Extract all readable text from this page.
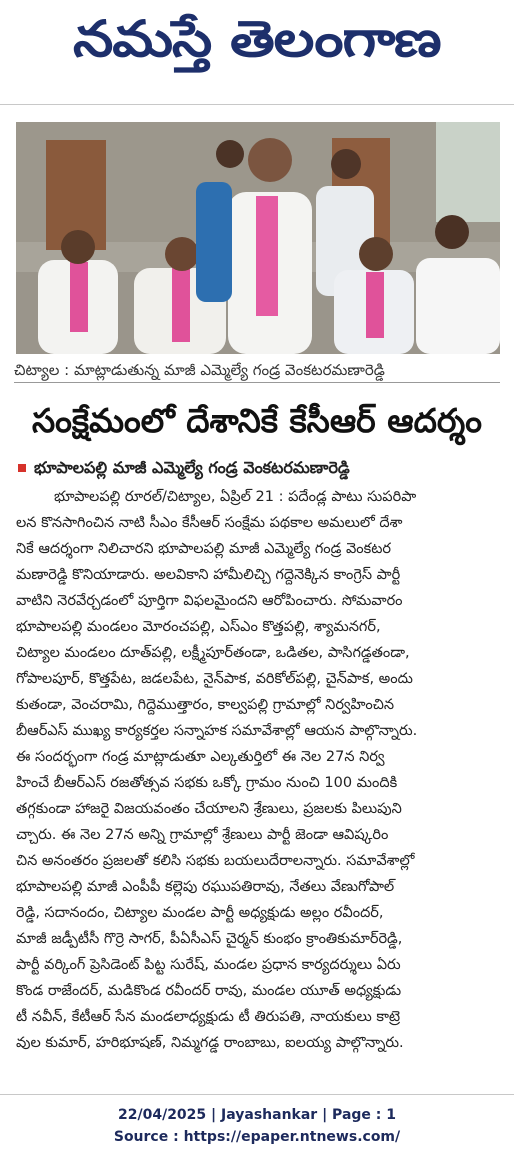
నమస్తే తెలంగాణ
చిట్యాల : మాట్లాడుతున్న మాజీ ఎమ్మెల్యే గండ్ర వెంకటరమణారెడ్డి
సంక్షేమంలో దేశానికే కేసీఆర్ ఆదర్శం
భూపాలపల్లి మాజీ ఎమ్మెల్యే గండ్ర వెంకటరమణారెడ్డి
భూపాలపల్లి రూరల్/చిట్యాల, ఏప్రిల్ 21 : పదేండ్ల పాటు సుపరిపా
లన కొనసాగించిన నాటి సీఎం కేసీఆర్ సంక్షేమ పథకాల అమలులో దేశా
నికే ఆదర్శంగా నిలిచారని భూపాలపల్లి మాజీ ఎమ్మెల్యే గండ్ర వెంకటర
మణారెడ్డి కొనియాడారు. అలవికాని హామీలిచ్చి గద్దెనెక్కిన కాంగ్రెస్ పార్టీ
వాటిని నెరవేర్చడంలో పూర్తిగా విఫలమైందని ఆరోపించారు. సోమవారం
భూపాలపల్లి మండలం మోరంచపల్లి, ఎస్ఎం కొత్తపల్లి, శ్యామనగర్,
చిట్యాల మండలం దూత్‌పల్లి, లక్ష్మీపూర్‌తండా, ఒడితల, పాసిగడ్డతండా,
గోపాలపూర్, కొత్తపేట, జడలపేట, నైన్‌పాక, వరికోల్‌పల్లి, చైన్‌పాక, అందు
కుతండా, వెంచరామి, గిద్దెముత్తారం, కాల్వపల్లి గ్రామాల్లో నిర్వహించిన
బీఆర్ఎస్ ముఖ్య కార్యకర్తల సన్నాహక సమావేశాల్లో ఆయన పాల్గొన్నారు.
ఈ సందర్భంగా గండ్ర మాట్లాడుతూ ఎల్కతుర్తిలో ఈ నెల 27న నిర్వ
హించే బీఆర్ఎస్ రజతోత్సవ సభకు ఒక్కో గ్రామం నుంచి 100 మందికి
తగ్గకుండా హాజరై విజయవంతం చేయాలని శ్రేణులు, ప్రజలకు పిలుపుని
చ్చారు. ఈ నెల 27న అన్ని గ్రామాల్లో శ్రేణులు పార్టీ జెండా ఆవిష్కరిం
చిన అనంతరం ప్రజలతో కలిసి సభకు బయలుదేరాలన్నారు. సమావేశాల్లో
భూపాలపల్లి మాజీ ఎంపీపీ కల్లెపు రఘుపతిరావు, నేతలు వేణుగోపాల్
రెడ్డి, సదానందం, చిట్యాల మండల పార్టీ అధ్యక్షుడు అల్లం రవీందర్,
మాజీ జడ్పీటీసీ గొర్రె సాగర్, పీఏసీఎస్ చైర్మన్ కుంభం క్రాంతికుమార్‌రెడ్డి,
పార్టీ వర్కింగ్ ప్రెసిడెంట్ పిట్ట సురేష్, మండల ప్రధాన కార్యదర్శులు ఏరు
కొండ రాజేందర్, మడికొండ రవీందర్ రావు, మండల యూత్ అధ్యక్షుడు
టీ నవీన్, కేటీఆర్ సేన మండలాధ్యక్షుడు టీ తిరుపతి, నాయకులు కాట్రె
వుల కుమార్, హరిభూషణ్, నిమ్మగడ్డ రాంబాబు, ఐలయ్య పాల్గొన్నారు.
22/04/2025 | Jayashankar | Page : 1
Source : https://epaper.ntnews.com/
